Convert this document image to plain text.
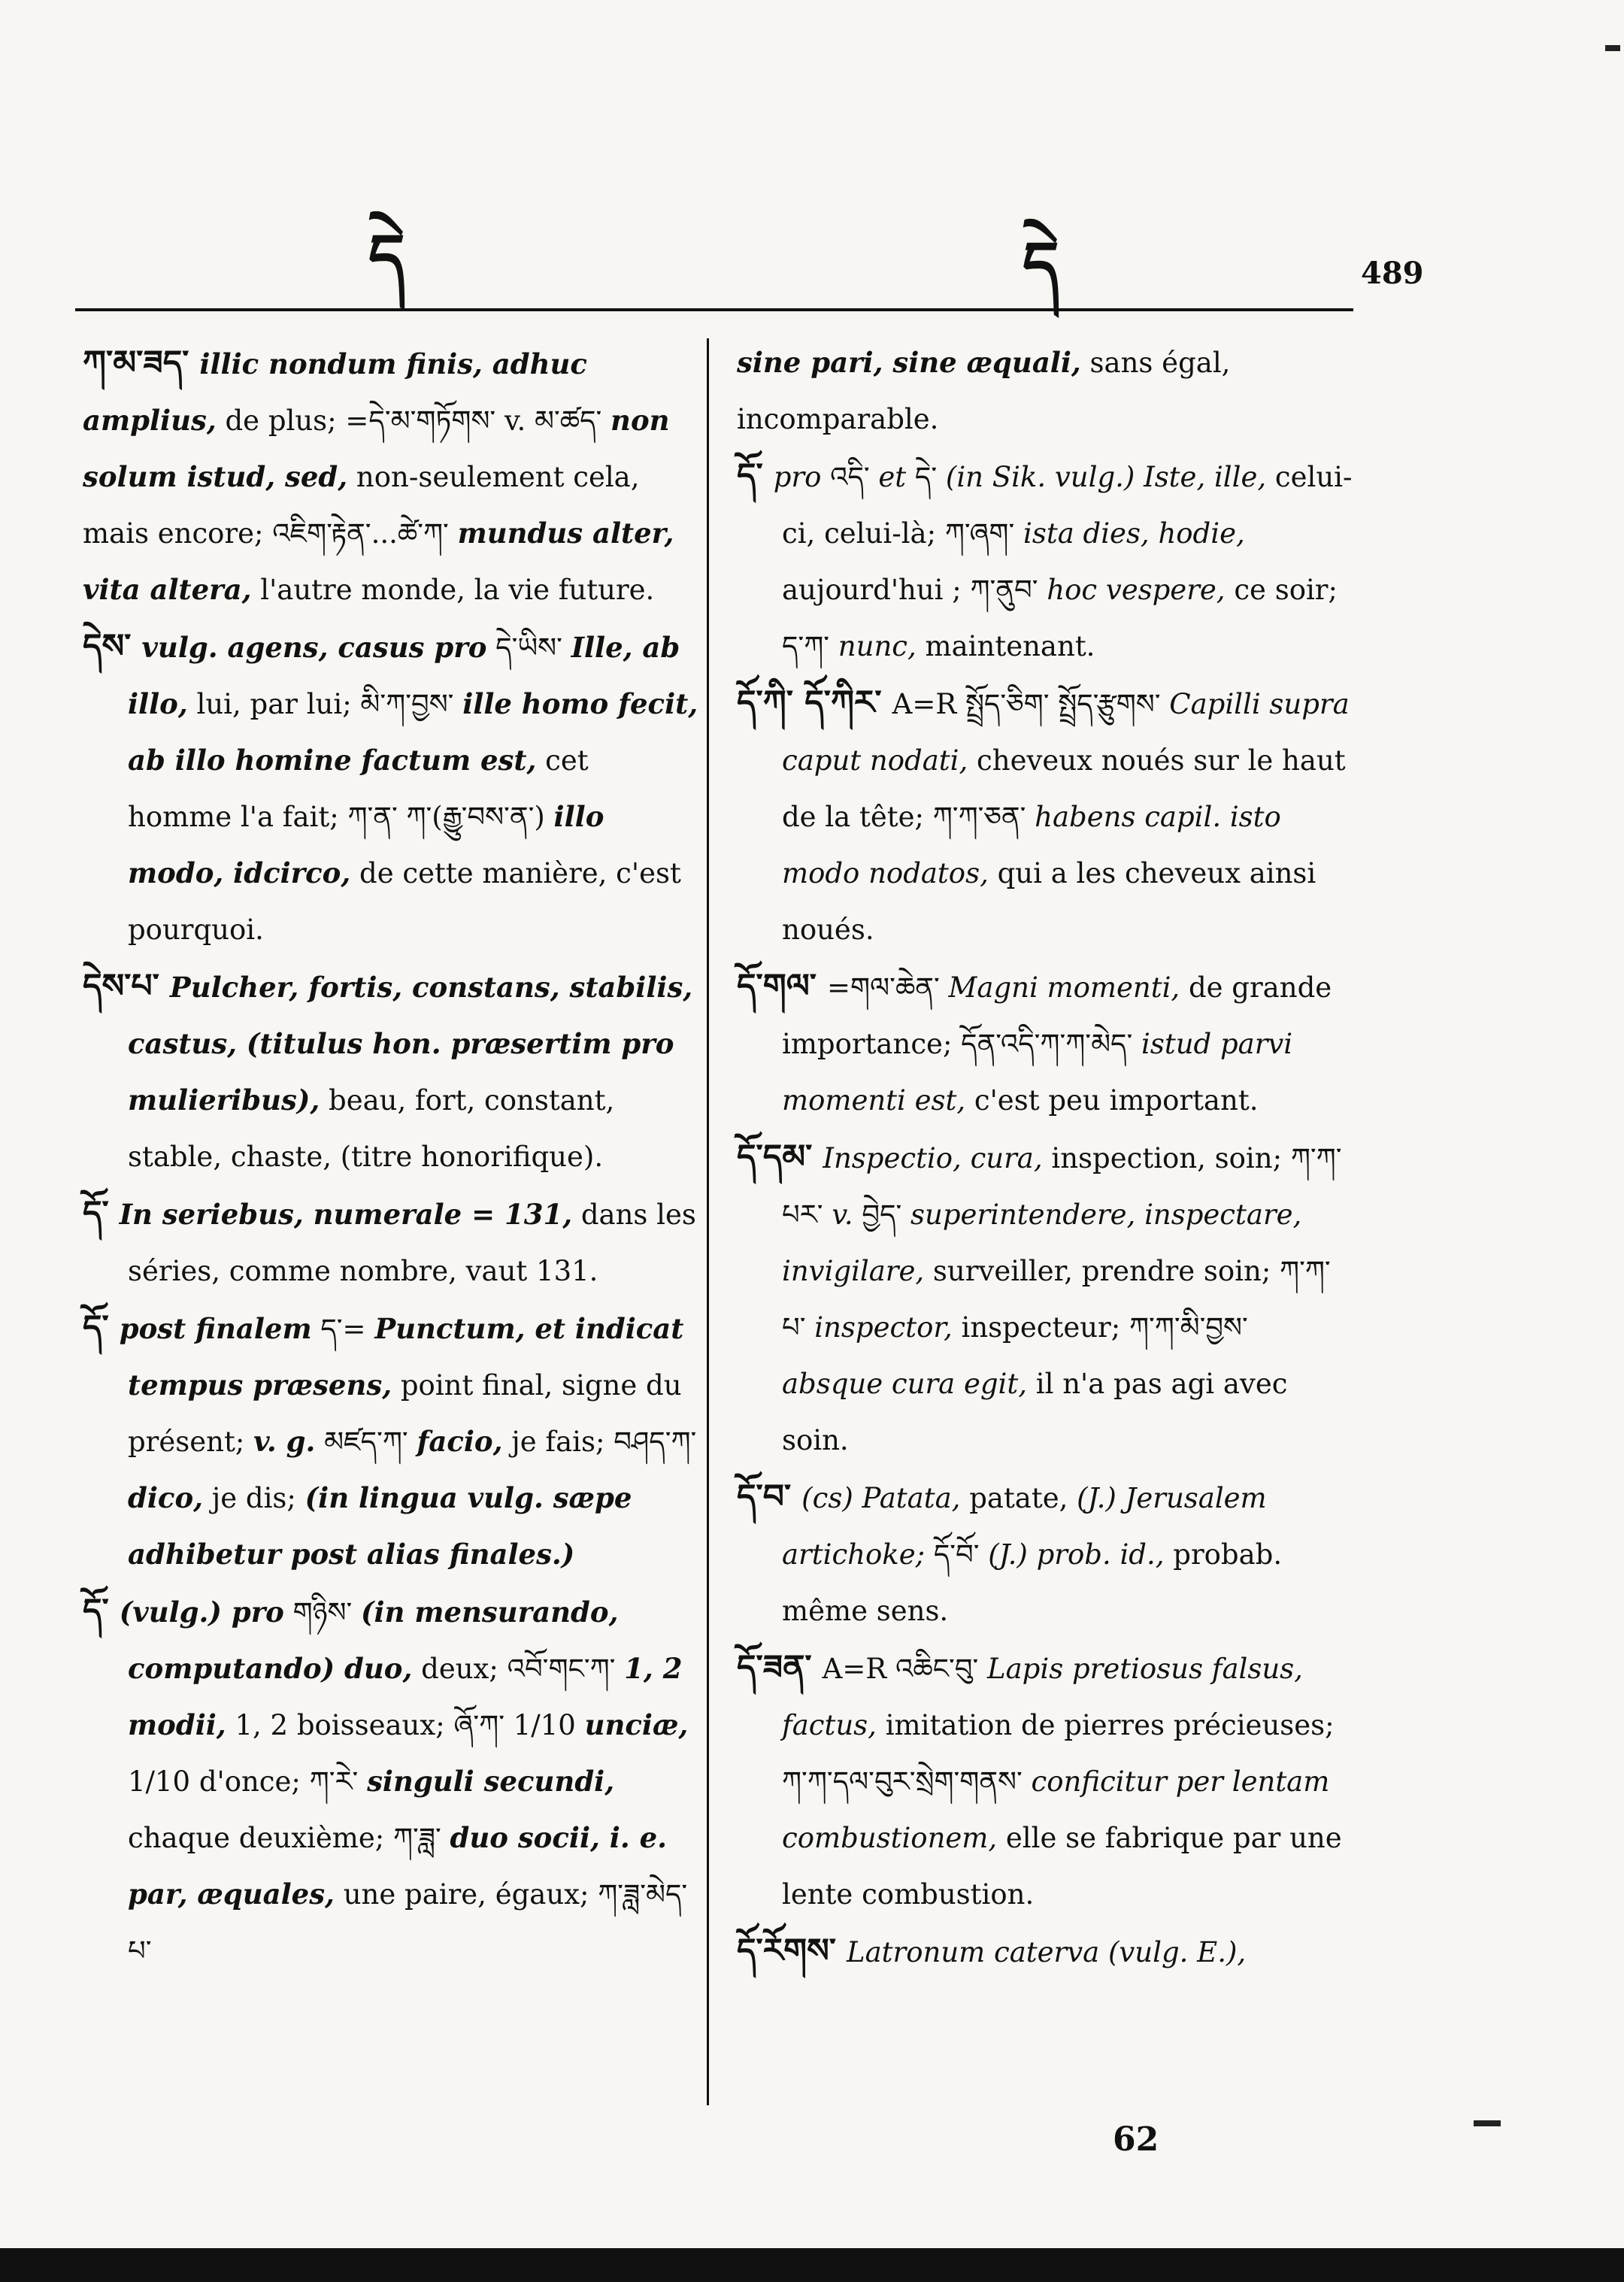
དེ	དེ	489

ཀ་མ་ཟད་ illic nondum finis, adhuc amplius, de plus; =དེ་མ་གཏོགས་ v. མ་ཚད་ non solum istud, sed, non-seulement cela, mais encore; འཇིག་རྟེན་...ཚེ་ཀ་ mundus alter, vita altera, l'autre monde, la vie future.

དེས་ vulg. agens, casus pro དེ་ཡིས་ Ille, ab illo, lui, par lui; མི་ཀ་བྱས་ ille homo fecit, ab illo homine factum est, cet homme l'a fait; ཀ་ན་ ཀ་(རྒྱུ་བས་ན་) illo modo, idcirco, de cette manière, c'est pourquoi.

དེས་པ་ Pulcher, fortis, constans, stabilis, castus, (titulus hon. præsertim pro mulieribus), beau, fort, constant, stable, chaste, (titre honorifique).

དོ་ In seriebus, numerale = 131, dans les séries, comme nombre, vaut 131.

དོ་ post finalem ད་= Punctum, et indicat tempus præsens, point final, signe du présent; v. g. མཛད་ཀ་ facio, je fais; བཤད་ཀ་ dico, je dis; (in lingua vulg. sæpe adhibetur post alias finales.)

དོ་ (vulg.) pro གཉིས་ (in mensurando, computando) duo, deux; འབོ་གང་ཀ་ 1, 2 modii, 1, 2 boisseaux; ཞོ་ཀ་ 1/10 unciæ, 1/10 d'once; ཀ་རེ་ singuli secundi, chaque deuxième; ཀ་ཟླ་ duo socii, i. e. par, æquales, une paire, égaux; ཀ་ཟླ་མེད་པ་

sine pari, sine æquali, sans égal, incomparable.

དོ་ pro འདི་ et དེ་ (in Sik. vulg.) Iste, ille, celui-ci, celui-là; ཀ་ཞག་ ista dies, hodie, aujourd'hui ; ཀ་ནུབ་ hoc vespere, ce soir; ད་ཀ་ nunc, maintenant.

དོ་ཀི་ དོ་ཀིར་ A=R སྤྲོད་ཅིག་ སྤྲོད་རྩུགས་ Capilli supra caput nodati, cheveux noués sur le haut de la tête; ཀ་ཀ་ཅན་ habens capil. isto modo nodatos, qui a les cheveux ainsi noués.

དོ་གལ་ =གལ་ཆེན་ Magni momenti, de grande importance; དོན་འདི་ཀ་ཀ་མེད་ istud parvi momenti est, c'est peu important.

དོ་དམ་ Inspectio, cura, inspection, soin; ཀ་ཀ་པར་ v. བྱེད་ superintendere, inspectare, invigilare, surveiller, prendre soin; ཀ་ཀ་པ་ inspector, inspecteur; ཀ་ཀ་མི་བྱས་ absque cura egit, il n'a pas agi avec soin.

དོ་བ་ (cs) Patata, patate, (J.) Jerusalem artichoke; དོ་བོ་ (J.) prob. id., probab. même sens.

དོ་ཟན་ A=R འཆིང་བུ་ Lapis pretiosus falsus, factus, imitation de pierres précieuses; ཀ་ཀ་དལ་བུར་སྲེག་གནས་ conficitur per lentam combustionem, elle se fabrique par une lente combustion.

དོ་རོགས་ Latronum caterva (vulg. E.),

62
